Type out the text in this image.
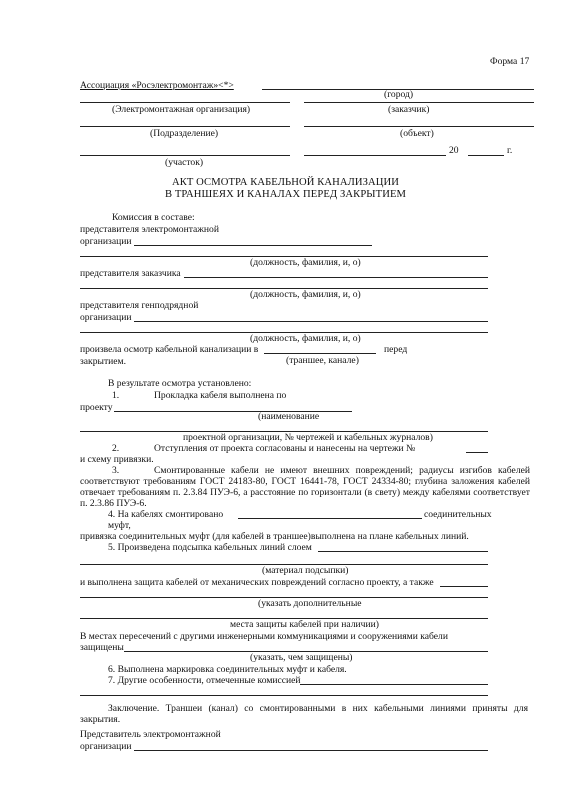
Форма 17
Ассоциация «Росэлектромонтаж»<*>
(город)
(Электромонтажная организация)	(заказчик)
(Подразделение)	(объект)
20	г.
(участок)
АКТ ОСМОТРА КАБЕЛЬНОЙ КАНАЛИЗАЦИИ
В ТРАНШЕЯХ И КАНАЛАХ ПЕРЕД ЗАКРЫТИЕМ
Комиссия в составе:
представителя электромонтажной
организации
(должность, фамилия, и, о)
представителя заказчика
(должность, фамилия, и, о)
представителя генподрядной
организации
(должность, фамилия, и, о)
произвела осмотр кабельной канализации в	перед
закрытием.	(траншее, канале)
В результате осмотра установлено:
1.	Прокладка кабеля выполнена по
проекту
(наименование
проектной организации, № чертежей и кабельных журналов)
2.	Отступления от проекта согласованы и нанесены на чертежи №
и схему привязки.
3.	Смонтированные кабели не имеют внешних повреждений; радиусы изгибов кабелей соответствуют требованиям ГОСТ 24183-80, ГОСТ 16441-78, ГОСТ 24334-80; глубина заложения кабелей отвечает требованиям п. 2.3.84 ПУЭ-6, а расстояние по горизонтали (в свету) между кабелями соответствует п. 2.3.86 ПУЭ-6.
4. На кабелях смонтировано	соединительных
муфт,
привязка соединительных муфт (для кабелей в траншее)выполнена на плане кабельных линий.
5. Произведена подсыпка кабельных линий слоем
(материал подсыпки)
и выполнена защита кабелей от механических повреждений согласно проекту, а также
(указать дополнительные
места защиты кабелей при наличии)
В местах пересечений с другими инженерными коммуникациями и сооружениями кабели
защищены
(указать, чем защищены)
6. Выполнена маркировка соединительных муфт и кабеля.
7. Другие особенности, отмеченные комиссией
Заключение. Траншеи (канал) со смонтированными в них кабельными линиями приняты для закрытия.
Представитель электромонтажной
организации
